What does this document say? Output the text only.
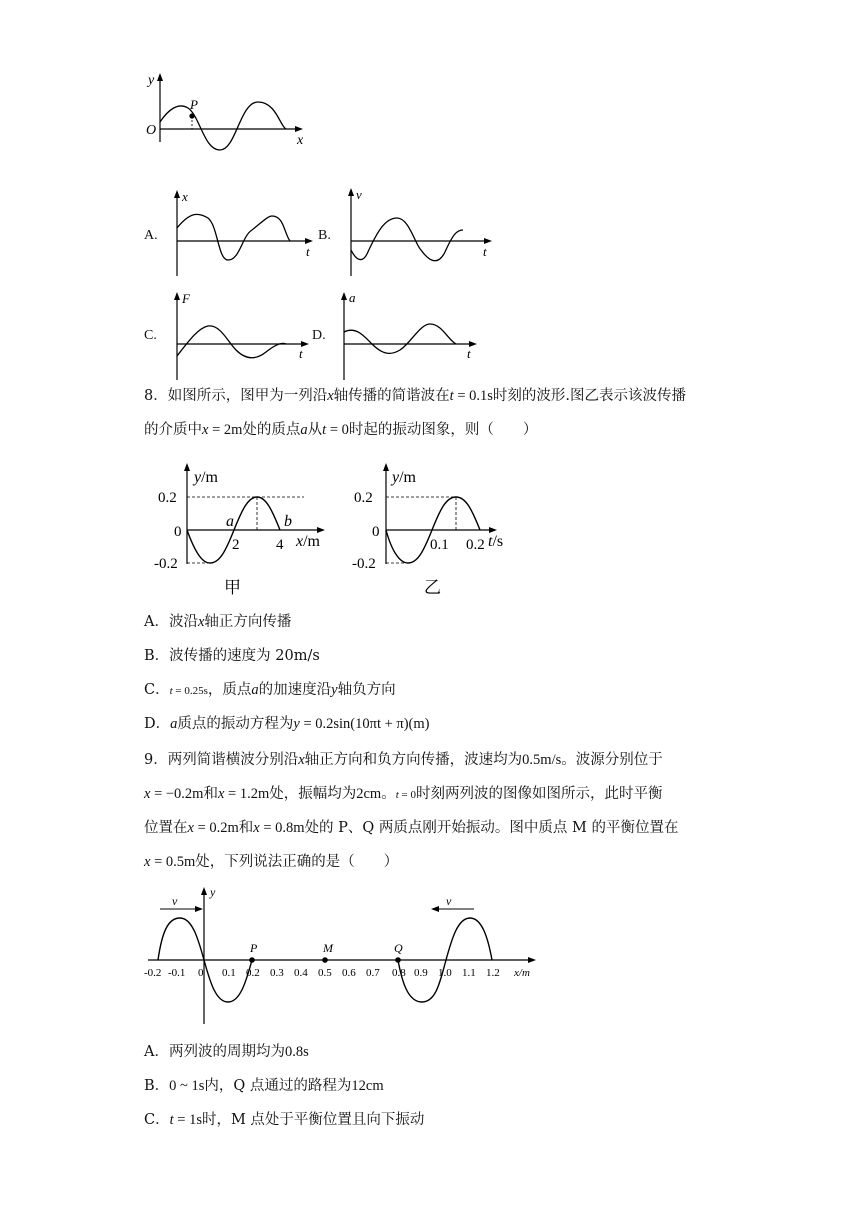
y
P
O
x
A.
x
t
B.
v
t
C.
F
t
D.
a
t
8．如图所示，图甲为一列沿x轴传播的简谐波在t = 0.1s时刻的波形.图乙表示该波传播
的介质中x = 2m处的质点a从t = 0时起的振动图象，则（　　）
y/m
0.2
0
-0.2
a	b
2 4 x/m
甲
y/m
0.2
0
-0.2
0.1 0.2 t/s
乙
A．波沿x轴正方向传播
B．波传播的速度为 20m/s
C．t = 0.25s，质点a的加速度沿y轴负方向
D．a质点的振动方程为y = 0.2sin(10πt + π)(m)
9．两列简谐横波分别沿x轴正方向和负方向传播，波速均为0.5m/s。波源分别位于
x = −0.2m和x = 1.2m处，振幅均为2cm。t = 0时刻两列波的图像如图所示，此时平衡
位置在x = 0.2m和x = 0.8m处的 P、Q 两质点刚开始振动。图中质点 M 的平衡位置在
x = 0.5m处，下列说法正确的是（　　）
v	v
y
P	M	Q
-0.2 -0.1 0 0.1 0.2 0.3 0.4 0.5 0.6 0.7 0.8 0.9 1.0 1.1 1.2 x/m
A．两列波的周期均为0.8s
B．0 ~ 1s内，Q 点通过的路程为12cm
C．t = 1s时，M 点处于平衡位置且向下振动
